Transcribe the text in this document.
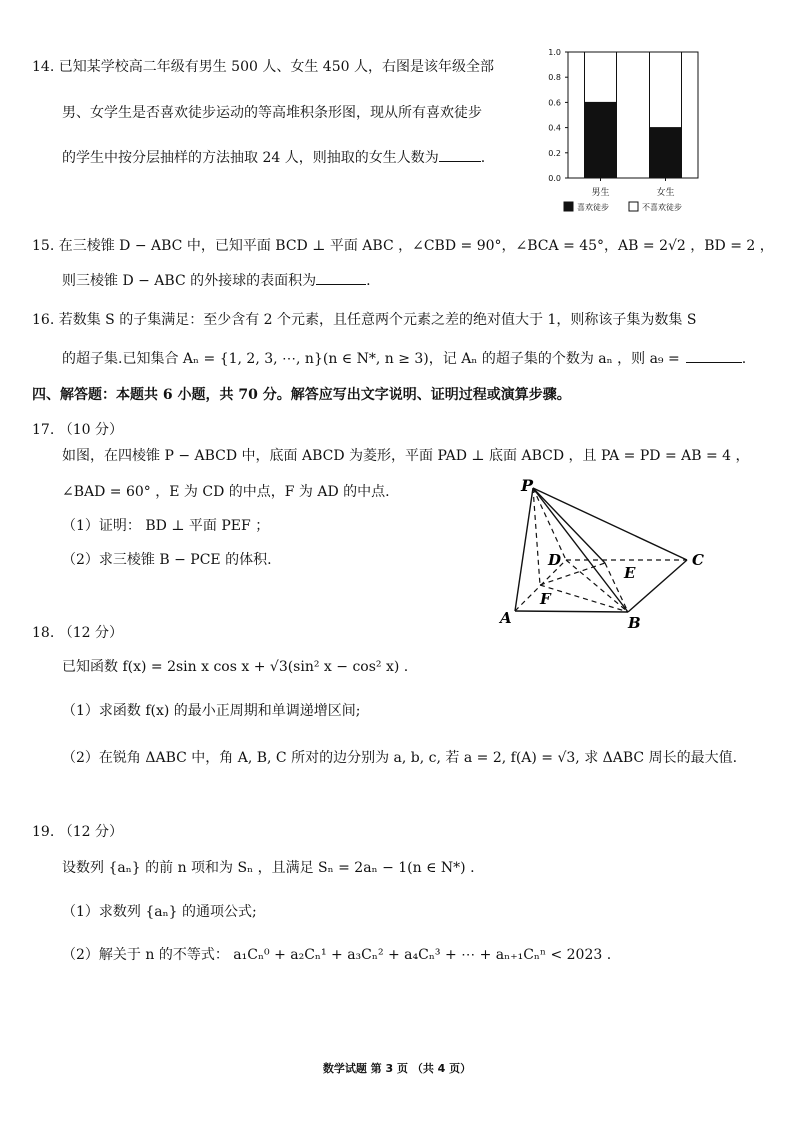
14. 已知某学校高二年级有男生 500 人、女生 450 人，右图是该年级全部
男、女学生是否喜欢徒步运动的等高堆积条形图，现从所有喜欢徒步
的学生中按分层抽样的方法抽取 24 人，则抽取的女生人数为	.
0.0
0.2
0.4
0.6
0.8
1.0
男生	女生
喜欢徒步	不喜欢徒步
15. 在三棱锥 D − ABC 中，已知平面 BCD ⊥ 平面 ABC ，∠CBD = 90°，∠BCA = 45°，AB = 2√2 ，BD = 2 ，
则三棱锥 D − ABC 的外接球的表面积为	.
16. 若数集 S 的子集满足：至少含有 2 个元素，且任意两个元素之差的绝对值大于 1，则称该子集为数集 S
的超子集.已知集合 Aₙ = {1, 2, 3, ⋯, n}(n ∈ N*, n ≥ 3)，记 Aₙ 的超子集的个数为 aₙ ，则 a₉ =	.
四、解答题：本题共 6 小题，共 70 分。解答应写出文字说明、证明过程或演算步骤。
17. （10 分）
如图，在四棱锥 P − ABCD 中，底面 ABCD 为菱形，平面 PAD ⊥ 底面 ABCD ，且 PA = PD = AB = 4 ，
∠BAD = 60° ，E 为 CD 的中点，F 为 AD 的中点.
（1）证明： BD ⊥ 平面 PEF ；
（2）求三棱锥 B − PCE 的体积.
P
D
E
C
F
A	B
18. （12 分）
已知函数 f(x) = 2sin x cos x + √3(sin² x − cos² x) .
（1）求函数 f(x) 的最小正周期和单调递增区间;
（2）在锐角 ΔABC 中，角 A, B, C 所对的边分别为 a, b, c, 若 a = 2, f(A) = √3, 求 ΔABC 周长的最大值.
19. （12 分）
设数列 {aₙ} 的前 n 项和为 Sₙ ，且满足 Sₙ = 2aₙ − 1(n ∈ N*) .
（1）求数列 {aₙ} 的通项公式;
（2）解关于 n 的不等式： a₁Cₙ⁰ + a₂Cₙ¹ + a₃Cₙ² + a₄Cₙ³ + ⋯ + aₙ₊₁Cₙⁿ < 2023 .
数学试题 第 3 页 （共 4 页）
